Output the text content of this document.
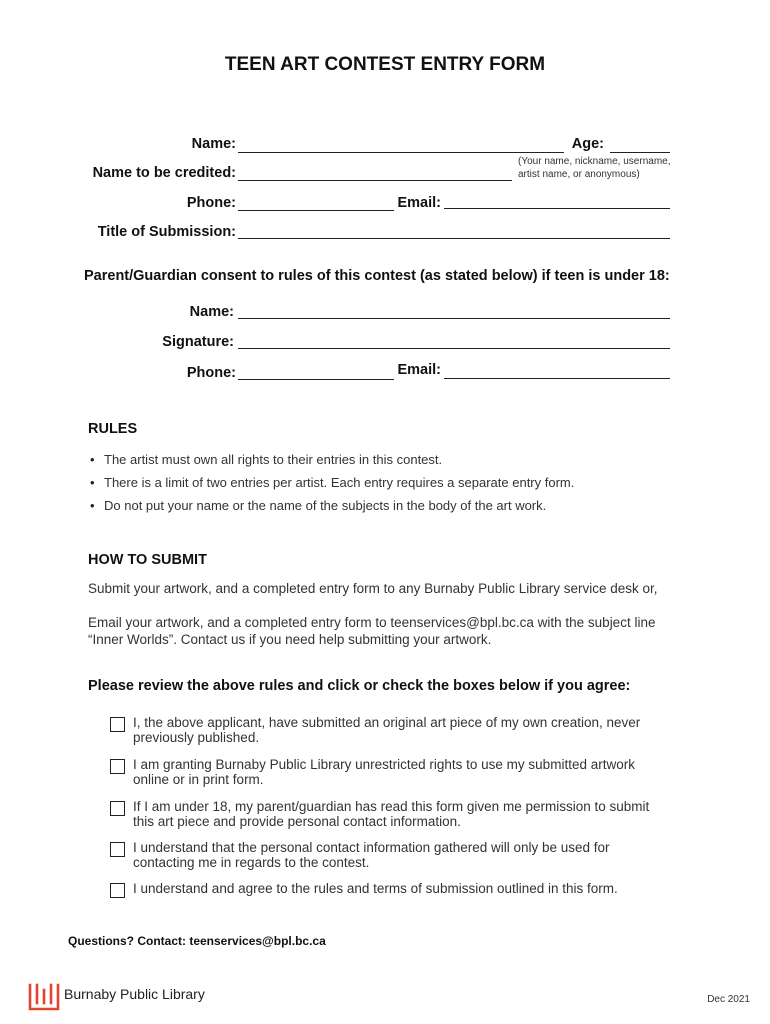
TEEN ART CONTEST ENTRY FORM
Name:	Age:
Name to be credited:
(Your name, nickname, username, artist name, or anonymous)
Phone:	Email:
Title of Submission:
Parent/Guardian consent to rules of this contest (as stated below) if teen is under 18:
Name:
Signature:
Phone:	Email:
RULES
• The artist must own all rights to their entries in this contest.
• There is a limit of two entries per artist. Each entry requires a separate entry form.
• Do not put your name or the name of the subjects in the body of the art work.
HOW TO SUBMIT
Submit your artwork, and a completed entry form to any Burnaby Public Library service desk or,
Email your artwork, and a completed entry form to teenservices@bpl.bc.ca with the subject line “Inner Worlds”. Contact us if you need help submitting your artwork.
Please review the above rules and click or check the boxes below if you agree:
I, the above applicant, have submitted an original art piece of my own creation, never previously published.
I am granting Burnaby Public Library unrestricted rights to use my submitted artwork online or in print form.
If I am under 18, my parent/guardian has read this form given me permission to submit this art piece and provide personal contact information.
I understand that the personal contact information gathered will only be used for contacting me in regards to the contest.
I understand and agree to the rules and terms of submission outlined in this form.
Questions? Contact: teenservices@bpl.bc.ca
Burnaby Public Library	Dec 2021
